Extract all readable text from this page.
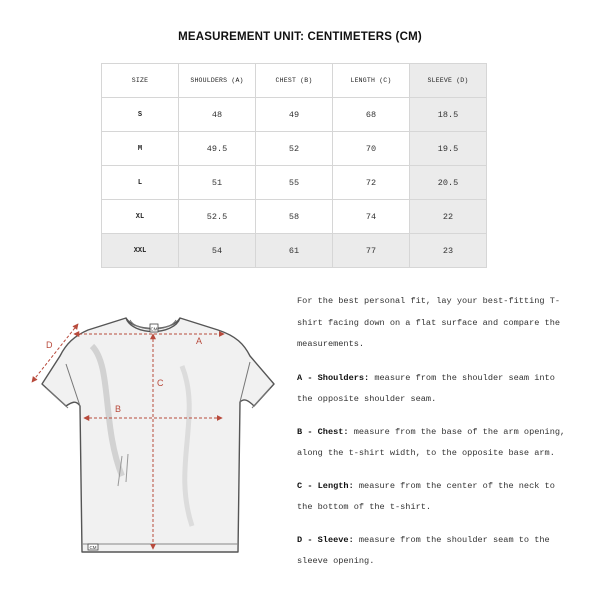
MEASUREMENT UNIT: CENTIMETERS (CM)
SIZE	SHOULDERS (A)	CHEST (B)	LENGTH (C)	SLEEVE (D)
S	48	49	68	18.5
M	49.5	52	70	19.5
L	51	55	72	20.5
XL	52.5	58	74	22
XXL	54	61	77	23
CM
CM
A
B
C
D

For the best personal fit, lay your best-fitting T-shirt facing down on a flat surface and compare the measurements.

A - Shoulders: measure from the shoulder seam into the opposite shoulder seam.

B - Chest: measure from the base of the arm opening, along the t-shirt width, to the opposite base arm.

C - Length: measure from the center of the neck to the bottom of the t-shirt.

D - Sleeve: measure from the shoulder seam to the sleeve opening.
